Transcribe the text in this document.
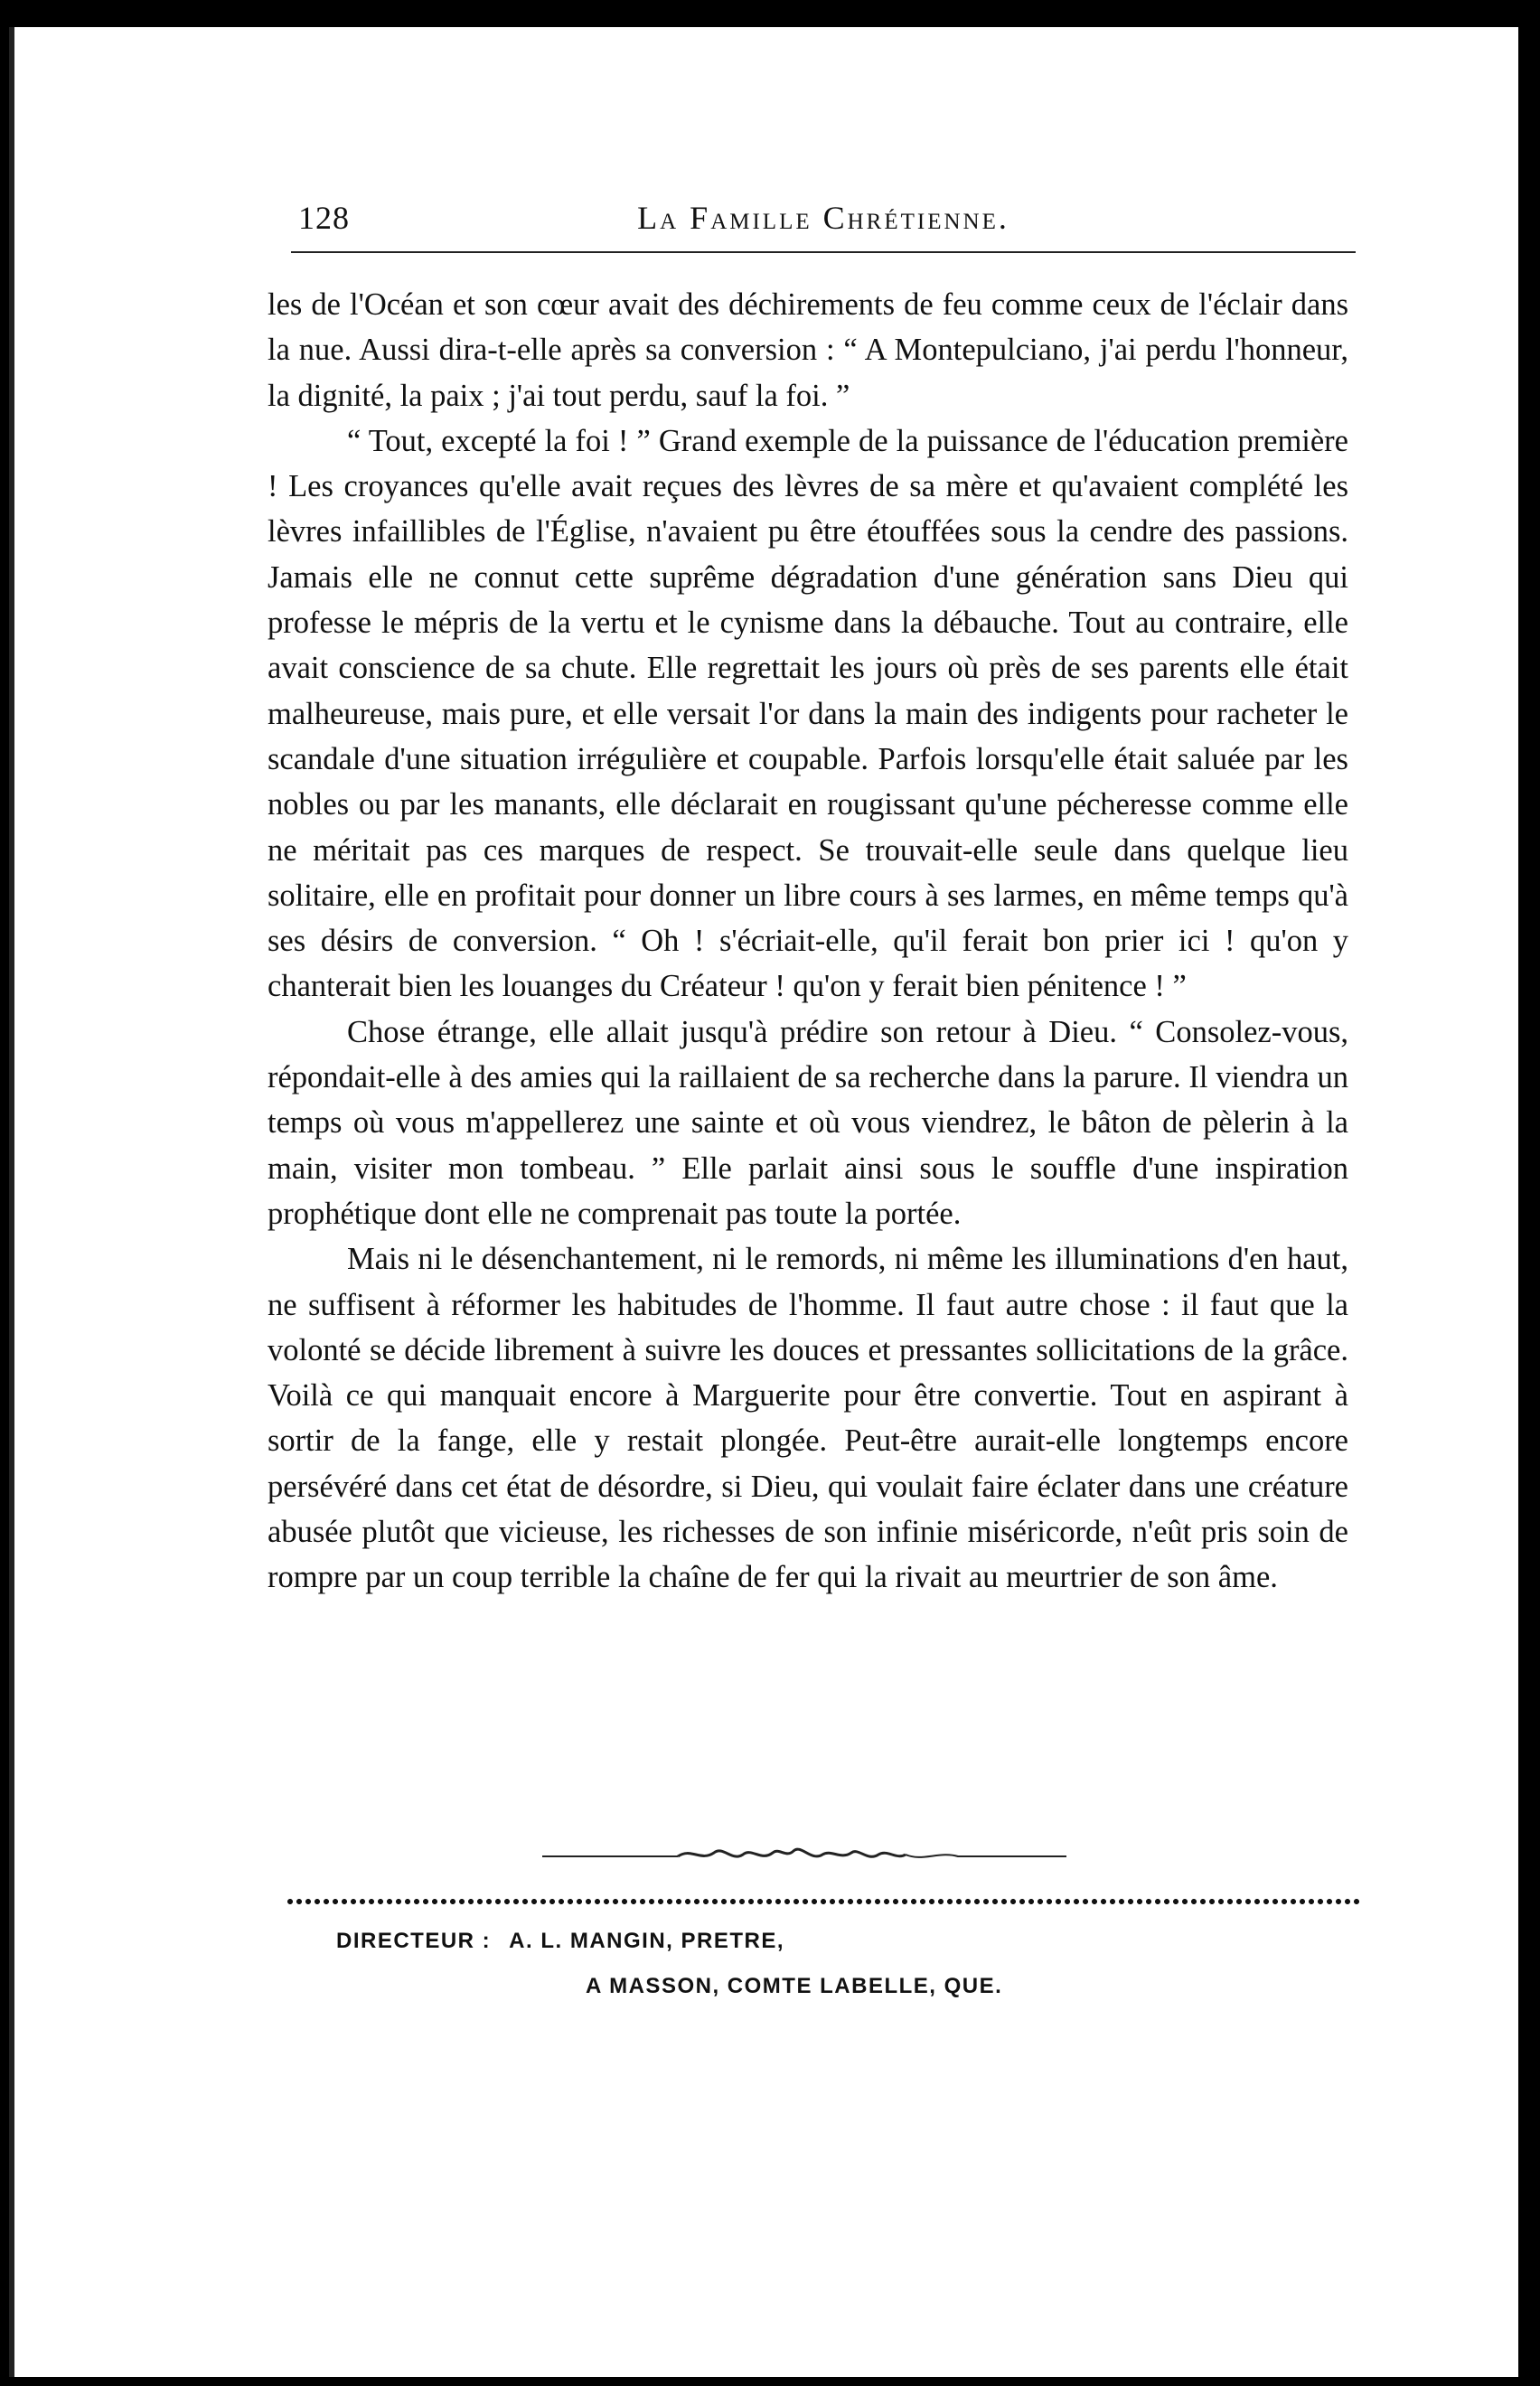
128	La Famille Chrétienne.

les de l'Océan et son cœur avait des déchirements de feu comme ceux de l'éclair dans la nue. Aussi dira-t-elle après sa conversion : “ A Montepulciano, j'ai perdu l'honneur, la dignité, la paix ; j'ai tout perdu, sauf la foi. ”

“ Tout, excepté la foi ! ” Grand exemple de la puissance de l'éducation première ! Les croyances qu'elle avait reçues des lèvres de sa mère et qu'avaient complété les lèvres infaillibles de l'Église, n'avaient pu être étouffées sous la cendre des passions. Jamais elle ne connut cette suprême dégradation d'une génération sans Dieu qui professe le mépris de la vertu et le cynisme dans la débauche. Tout au contraire, elle avait conscience de sa chute. Elle regrettait les jours où près de ses parents elle était malheureuse, mais pure, et elle versait l'or dans la main des indigents pour racheter le scandale d'une situation irrégulière et coupable. Parfois lorsqu'elle était saluée par les nobles ou par les manants, elle déclarait en rougissant qu'une pécheresse comme elle ne méritait pas ces marques de respect. Se trouvait-elle seule dans quelque lieu solitaire, elle en profitait pour donner un libre cours à ses larmes, en même temps qu'à ses désirs de conversion. “ Oh ! s'écriait-elle, qu'il ferait bon prier ici ! qu'on y chanterait bien les louanges du Créateur ! qu'on y ferait bien pénitence ! ”

Chose étrange, elle allait jusqu'à prédire son retour à Dieu. “ Consolez-vous, répondait-elle à des amies qui la raillaient de sa recherche dans la parure. Il viendra un temps où vous m'appellerez une sainte et où vous viendrez, le bâton de pèlerin à la main, visiter mon tombeau. ” Elle parlait ainsi sous le souffle d'une inspiration prophétique dont elle ne comprenait pas toute la portée.

Mais ni le désenchantement, ni le remords, ni même les illuminations d'en haut, ne suffisent à réformer les habitudes de l'homme. Il faut autre chose : il faut que la volonté se décide librement à suivre les douces et pressantes sollicitations de la grâce. Voilà ce qui manquait encore à Marguerite pour être convertie. Tout en aspirant à sortir de la fange, elle y restait plongée. Peut-être aurait-elle longtemps encore persévéré dans cet état de désordre, si Dieu, qui voulait faire éclater dans une créature abusée plutôt que vicieuse, les richesses de son infinie miséricorde, n'eût pris soin de rompre par un coup terrible la chaîne de fer qui la rivait au meurtrier de son âme.

DIRECTEUR : A. L. MANGIN, PRETRE,
A MASSON, COMTE LABELLE, QUE.
